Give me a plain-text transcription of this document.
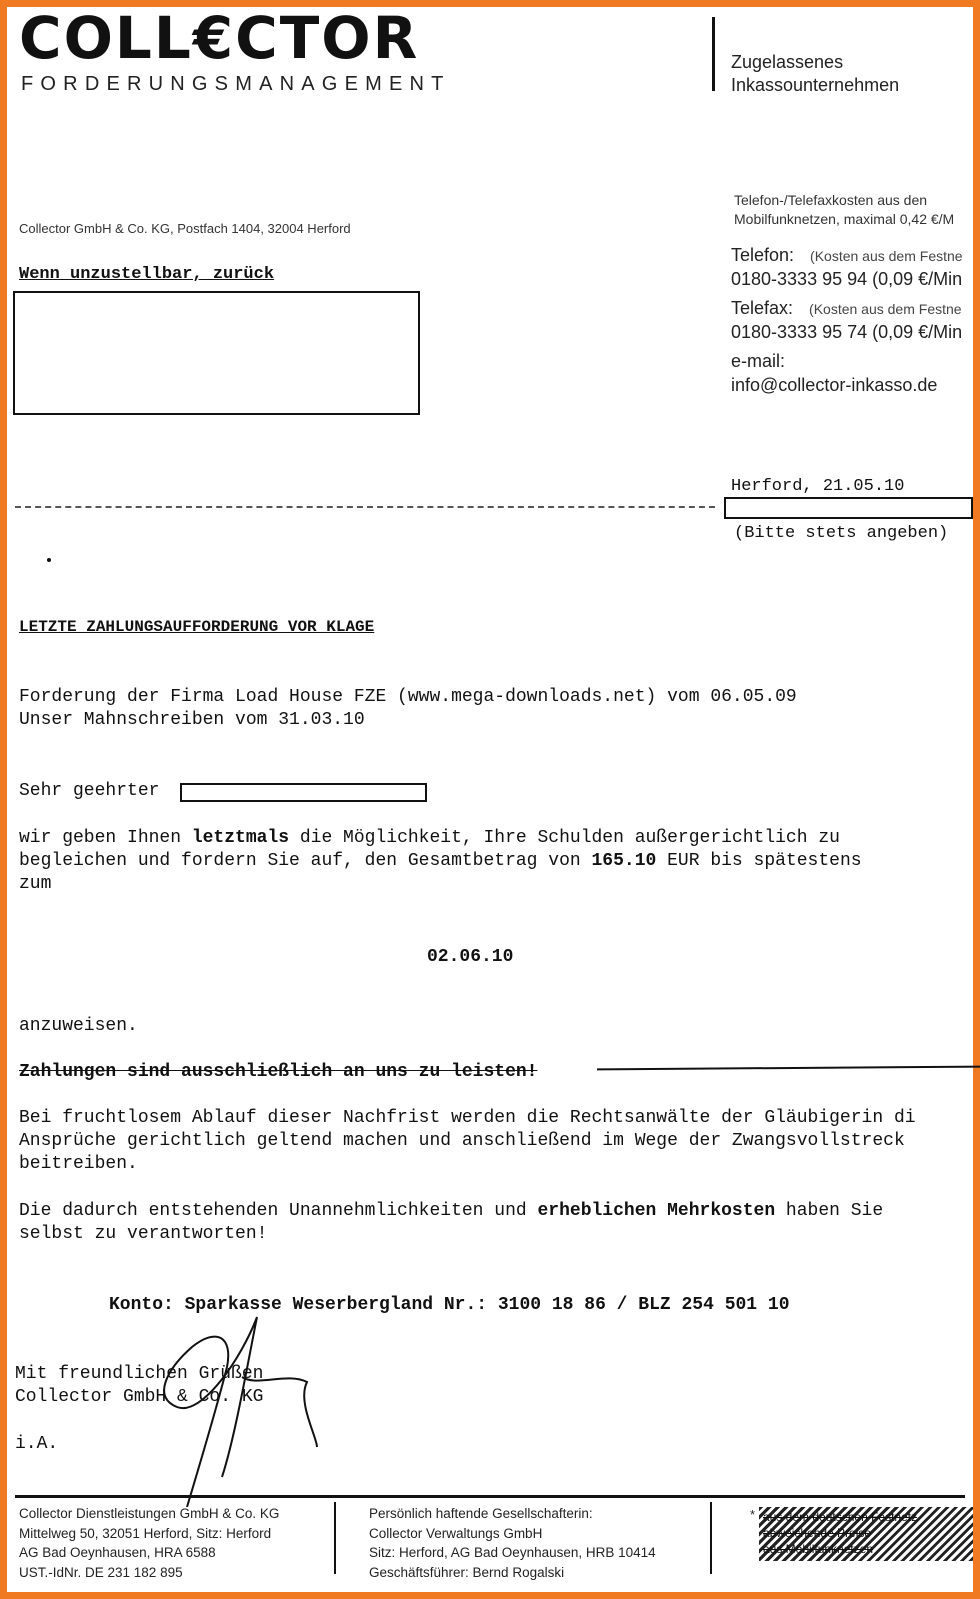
COLL€CTOR
FORDERUNGSMANAGEMENT
Zugelassenes
Inkassounternehmen
Collector GmbH & Co. KG, Postfach 1404, 32004 Herford
Wenn unzustellbar, zurück
Telefon-/Telefaxkosten aus den
Mobilfunknetzen, maximal 0,42 €/M
Telefon: (Kosten aus dem Festne
0180-3333 95 94 (0,09 €/Min
Telefax: (Kosten aus dem Festne
0180-3333 95 74 (0,09 €/Min
e-mail:
info@collector-inkasso.de
Herford, 21.05.10
(Bitte stets angeben)
LETZTE ZAHLUNGSAUFFORDERUNG VOR KLAGE
Forderung der Firma Load House FZE (www.mega-downloads.net) vom 06.05.09
Unser Mahnschreiben vom 31.03.10
Sehr geehrter
wir geben Ihnen letztmals die Möglichkeit, Ihre Schulden außergerichtlich zu
begleichen und fordern Sie auf, den Gesamtbetrag von 165.10 EUR bis spätestens
zum
02.06.10
anzuweisen.
Zahlungen sind ausschließlich an uns zu leisten!
Bei fruchtlosem Ablauf dieser Nachfrist werden die Rechtsanwälte der Gläubigerin di
Ansprüche gerichtlich geltend machen und anschließend im Wege der Zwangsvollstreck
beitreiben.
Die dadurch entstehenden Unannehmlichkeiten und erheblichen Mehrkosten haben Sie
selbst zu verantworten!
Konto: Sparkasse Weserbergland Nr.: 3100 18 86 / BLZ 254 501 10
Mit freundlichen Grüßen
Collector GmbH & Co. KG
i.A.
Collector Dienstleistungen GmbH & Co. KG
Mittelweg 50, 32051 Herford, Sitz: Herford
AG Bad Oeynhausen, HRA 6588
UST.-IdNr. DE 231 182 895
Persönlich haftende Gesellschafterin:
Collector Verwaltungs GmbH
Sitz: Herford, AG Bad Oeynhausen, HRB 10414
Geschäftsführer: Bernd Rogalski
* aus dem deutschen Festnetz
abweichende Preise
aus Mobilfunknetzen
